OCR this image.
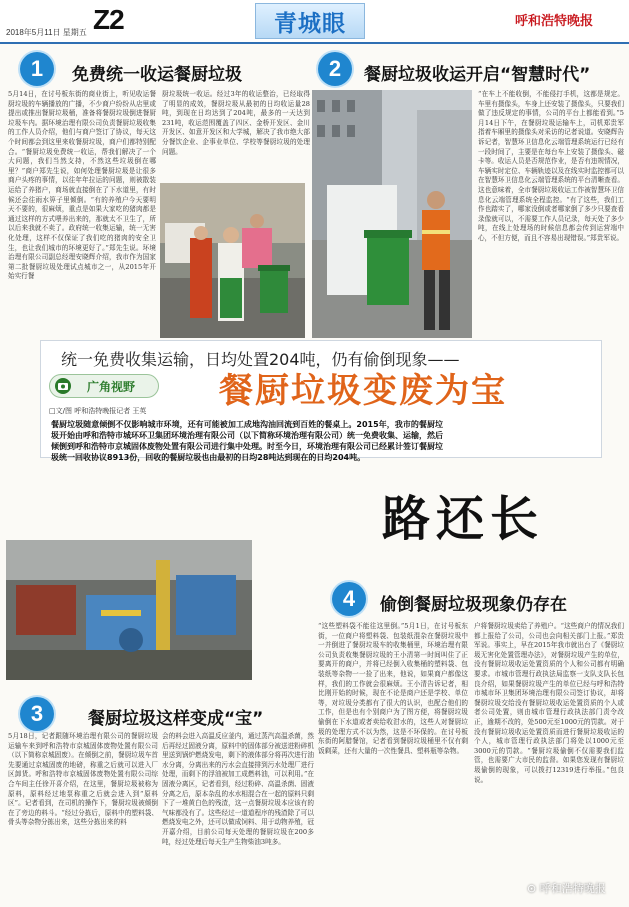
2018年5月11日 星期五 Z2	青城眼	呼和浩特晚报
1	免费统一收运餐厨垃圾
5月14日，在讨号板东街的商业街上，听见收运餐厨垃圾的车辆播放的广播，不少商户纷纷从店里或提出或推出餐厨垃圾桶，准备将餐厨垃圾倒进餐厨垃圾车内。据环境治理有限公司负责餐厨垃圾收集的工作人员介绍，他们与商户签订了协议，每天这个时间都会到这里来收餐厨垃圾，商户们都特别配合。“餐厨垃圾免费统一收运，帮我们解决了一个大问题，我们当然支持，不然这些垃圾倒在哪里？”商户郑先生说，如何处理餐厨垃圾是让很多商户头疼的事情，以往年年拉运的问题，则被散装运给了养猪户，商场就直接倒在了下水道里，有时候还会往雨水箅子里倾倒。“有的养殖户今天要明天不要的，很麻烦，重点是如果大家吃的猪肉都是通过这样的方式喂养出来的，那就太不卫生了，所以后来我就不卖了。政府统一收集运输，统一无害化处理，这样不仅保证了我们吃的猪肉的安全卫生，也让我们城市的环境更好了。”郑先生说。环境治理有限公司副总经理安晓辉介绍，我市作为国家第二批餐厨垃圾处理试点城市之一，从2015年开始实行餐
厨垃圾统一收运。经过3年的收运整治，已经取得了明显的成效，餐厨垃圾从最初的日均收运量28吨，到现在日均达到了204吨，最多的一天达到231吨，收运范围覆盖了四区、金桥开发区、金川开发区、如意开发区和大学城，解决了我市绝大部分餐饮企业、企事业单位、学校等餐厨垃圾的处理问题。
2	餐厨垃圾收运开启“智慧时代”
“在车上不能收倒，不能侵打手机，这都是规定。车里有摄像头，车身上还安装了摄像头，只要我们做了违反规定的事情，公司的平台上都能看到。”5月14日下午，在餐厨垃圾运输车上，司机郑贵军指着车厢里的摄像头对采访的记者说道。安晓辉告诉记者，智慧环卫信息化云端管理系统运行已经有一段时间了，主要是在每台车上安装了摄像头、磁卡等。收运人员是否规范作业，是否有违规情况，车辆实时定位、车辆轨迹以及在线实时监控都可以在智慧环卫信息化云端管理系统的平台清晰查看。这也意味着，全市餐厨垃圾收运工作被智慧环卫信息化云端管理系统全程监控。“有了这些，我们工作也踏实了，哪家没倒或者哪家倒了多少只要查看录像就可以，不需要工作人员记录，每天处了多少吨，在线上处理场的时候信息都会传到运营端中心，不但方便，而且不容易出现错误。”郑贵军说。
统一免费收集运输，日均处置204吨，仍有偷倒现象——
广角视野 餐厨垃圾变废为宝
□文/图 呼和浩特晚报记者 王英
餐厨垃圾随意倾倒不仅影响城市环境，还有可能被加工成地沟油回流到百姓的餐桌上。2015年，我市的餐厨垃圾开始由呼和浩特市城环环卫集团环境治理有限公司（以下简称环境治理有限公司）统一免费收集、运输，然后倾倒到呼和浩特市京城固体废物处置有限公司进行集中处理。时至今日，环境治理有限公司已经累计签订餐厨垃圾统一回收协议8913份，回收的餐厨垃圾也由最初的日均28吨达到现在的日均204吨。
路还长
4	偷倒餐厨垃圾现象仍存在
3	餐厨垃圾这样变成“宝”
5月18日，记者跟随环境治理有限公司的餐厨垃圾运输车来到呼和浩特市京城固体废物处置有限公司（以下简称京城固废）。在倾倒之前，餐厨垃圾车首先要通过京城固废的地磅，称重之后就可以进入厂区卸货。呼和浩特市京城固体废物处置有限公司综合车间主任徐开喜介绍，在这里，餐厨垃圾被称为原料，原料经过地泵称重之后就会进入到“原料区”。记者看到，在司机的操作下，餐厨垃圾被倾倒在了旁边的料斗。“经过分拣后，原料中的塑料袋、骨头等杂物分拣出来，这些分拣出来的料
会的料会进入高温反应釜内，通过蒸汽高温杀菌，然后再经过固液分离，原料中的固体部分被送进粉碎机里送到锅炉燃烧发电，剩下的液体部分将再次进行油水分离，分离出来的污水会直接排到污水处理厂进行处理，而剩下的浮油被加工成燃料油，可以利用。”在固液分离区，记者看到，经过粉碎、高温杀菌、固液分离之后，原本杂乱的水水相混合在一起的原料只剩下了一堆黄白色的残渣，这一点餐厨垃圾本应该有的气味都没有了。这些经过一道道程序的残渣除了可以燃烧发电之外，还可以做成饲料、用于动物养殖，冠开嘉介绍，目前公司每天处理的餐厨垃圾在200多吨，经过处理后每天生产生物柴油3吨多。
“这些塑料袋不能往这里倒。”5月1日，在讨号板东街，一位商户将塑料袋、包装纸混杂在餐厨垃圾中一并倒进了餐厨垃圾车的收集桶里，环境治理有限公司负责收集餐厨垃圾的王小清第一时间叫住了正要离开的商户，并将已经倒入收集桶的塑料袋、包装纸等杂物一一捡了出来，他说，如果商户都像这样，我们的工作就会很麻烦。王小清告诉记者，相比刚开始的时候，现在不论是商户还是学校、单位等，对垃圾分类都有了很大的认识，也配合他们的工作，但是也有个别商户为了图方便，将餐厨垃圾偷倒在下水道或者卖给收泔水的，这些人对餐厨垃圾的处理方式不以为然，这是不环保的。在讨号板东街的阿腊餐馆，记者看到餐厨垃圾桶里不仅有剩饭剩菜，还有大量的一次性餐具、塑料瓶等杂物。
户将餐厨垃圾卖给了养殖户。“这些商户的情况我们都上报给了公司，公司也会向相关部门上报。”郑贵军说。事实上，早在2015年我市就出台了《餐厨垃圾无害化处置管理办法》，对餐厨垃圾产生的单位，没有餐厨垃圾收运处置资质的个人和公司都有明确要求。市城市管理行政执法局监察一支队支队长包良介绍，如果餐厨垃圾产生的单位已经与呼和浩特市城市环卫集团环境治理有限公司签订协议，却将餐厨垃圾交给没有餐厨垃圾收运处置资质的个人或者公司处置，则由城市管理行政执法部门责令改正，逾期不改的，处500元至1000元的罚款。对于没有餐厨垃圾收运处置资质而进行餐厨垃圾收运的个人，城市管理行政执法部门将处以1000元至3000元的罚款。“餐厨垃圾偷倒不仅需要我们监管，也需要广大市民的监督。如果您发现有餐厨垃圾偷倒的现象，可以拨打12319进行举报。”包良说。
⊙ 呼和浩特晚报
